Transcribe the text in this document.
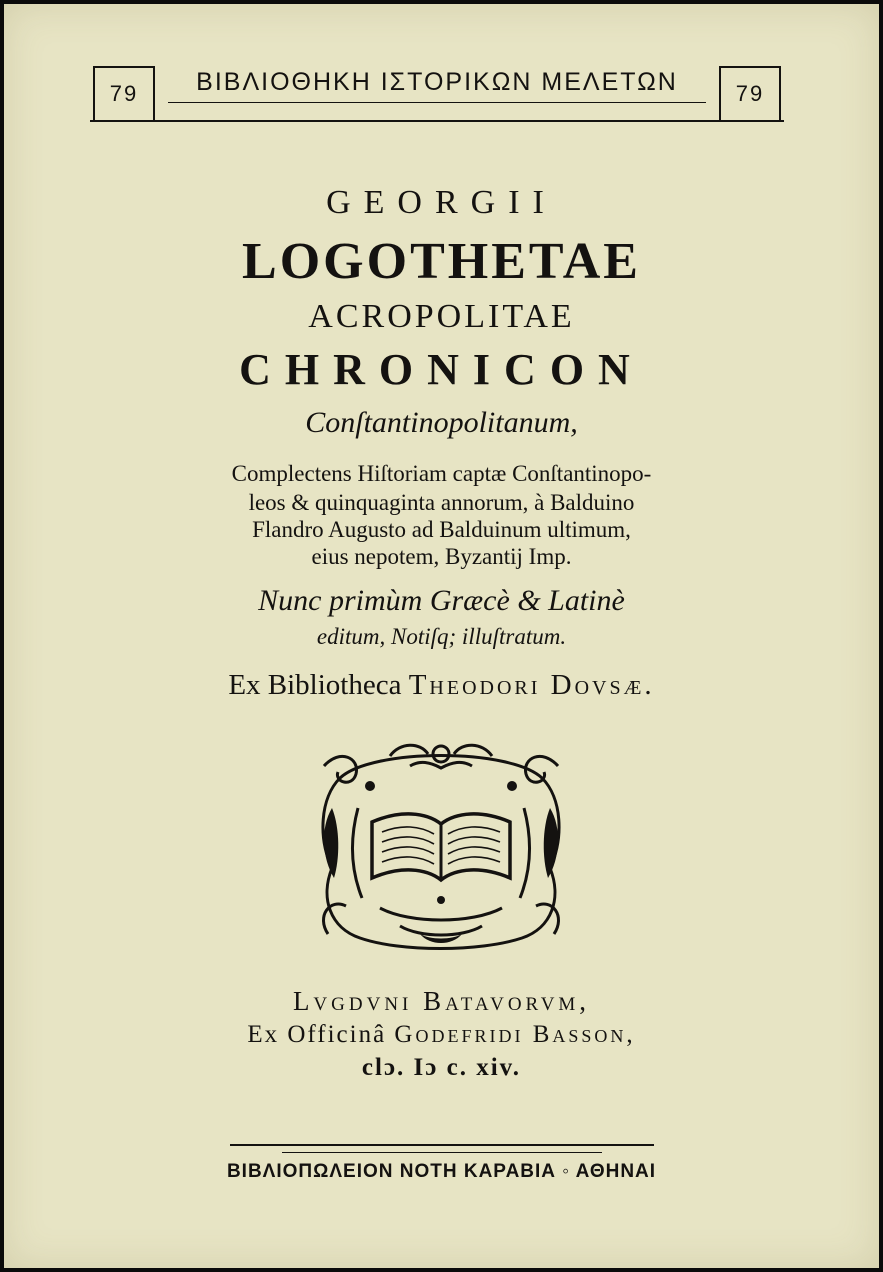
79	ΒΙΒΛΙΟΘΗΚΗ ΙΣΤΟΡΙΚΩΝ ΜΕΛΕΤΩΝ	79
GEORGII
LOGOTHETAE
ACROPOLITAE
CHRONICON
Conſtantinopolitanum,
Complectens Hiſtoriam captæ Conſtantinopo-
leos & quinquaginta annorum, à Balduino
Flandro Augusto ad Balduinum ultimum,
eius nepotem, Byzantij Imp.
Nunc primùm Græcè & Latinè
editum, Notiſq; illuſtratum.
Ex Bibliotheca Theodori Dovsæ.
Lvgdvni Batavorvm,
Ex Officinâ Godefridi Basson,
clɔ. Iɔ c. xiv.
ΒΙΒΛΙΟΠΩΛΕΙΟΝ ΝΟΤΗ ΚΑΡΑΒΙΑ ◦ ΑΘΗΝΑΙ
